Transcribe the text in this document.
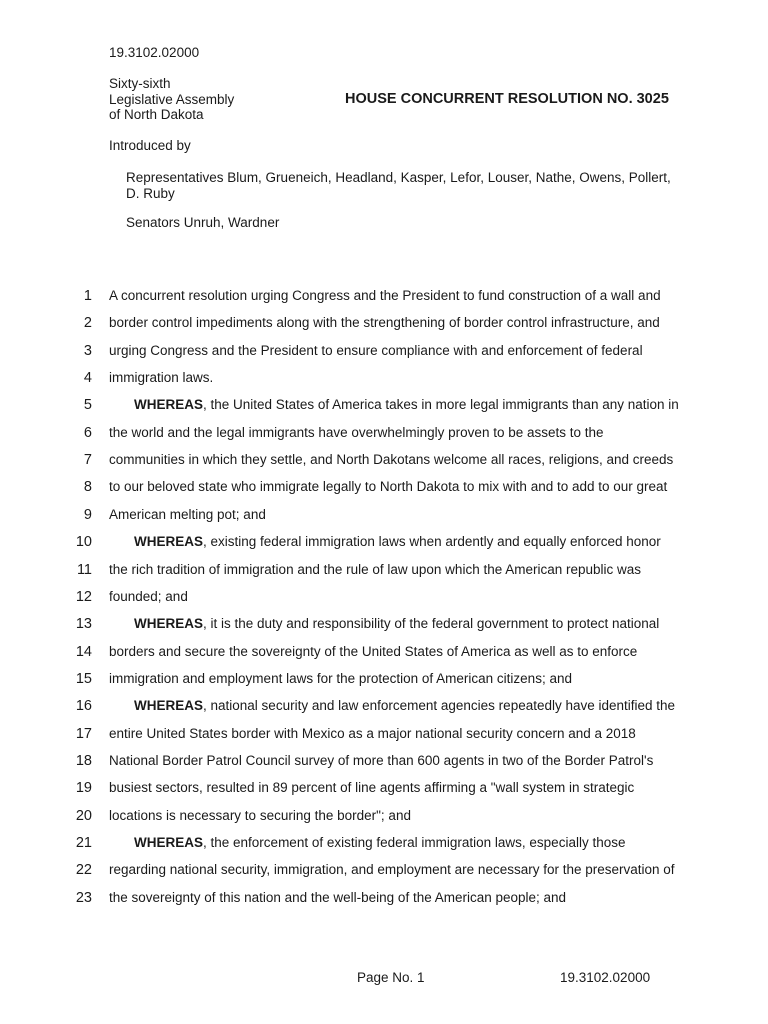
19.3102.02000
Sixty-sixth
Legislative Assembly
of North Dakota
HOUSE CONCURRENT RESOLUTION NO. 3025
Introduced by
Representatives Blum, Grueneich, Headland, Kasper, Lefor, Louser, Nathe, Owens, Pollert,
D. Ruby
Senators Unruh, Wardner
1 A concurrent resolution urging Congress and the President to fund construction of a wall and
2 border control impediments along with the strengthening of border control infrastructure, and
3 urging Congress and the President to ensure compliance with and enforcement of federal
4 immigration laws.
5	WHEREAS, the United States of America takes in more legal immigrants than any nation in
6 the world and the legal immigrants have overwhelmingly proven to be assets to the
7 communities in which they settle, and North Dakotans welcome all races, religions, and creeds
8 to our beloved state who immigrate legally to North Dakota to mix with and to add to our great
9 American melting pot; and
10	WHEREAS, existing federal immigration laws when ardently and equally enforced honor
11 the rich tradition of immigration and the rule of law upon which the American republic was
12 founded; and
13	WHEREAS, it is the duty and responsibility of the federal government to protect national
14 borders and secure the sovereignty of the United States of America as well as to enforce
15 immigration and employment laws for the protection of American citizens; and
16	WHEREAS, national security and law enforcement agencies repeatedly have identified the
17 entire United States border with Mexico as a major national security concern and a 2018
18 National Border Patrol Council survey of more than 600 agents in two of the Border Patrol's
19 busiest sectors, resulted in 89 percent of line agents affirming a "wall system in strategic
20 locations is necessary to securing the border"; and
21	WHEREAS, the enforcement of existing federal immigration laws, especially those
22 regarding national security, immigration, and employment are necessary for the preservation of
23 the sovereignty of this nation and the well-being of the American people; and
Page No. 1	19.3102.02000
